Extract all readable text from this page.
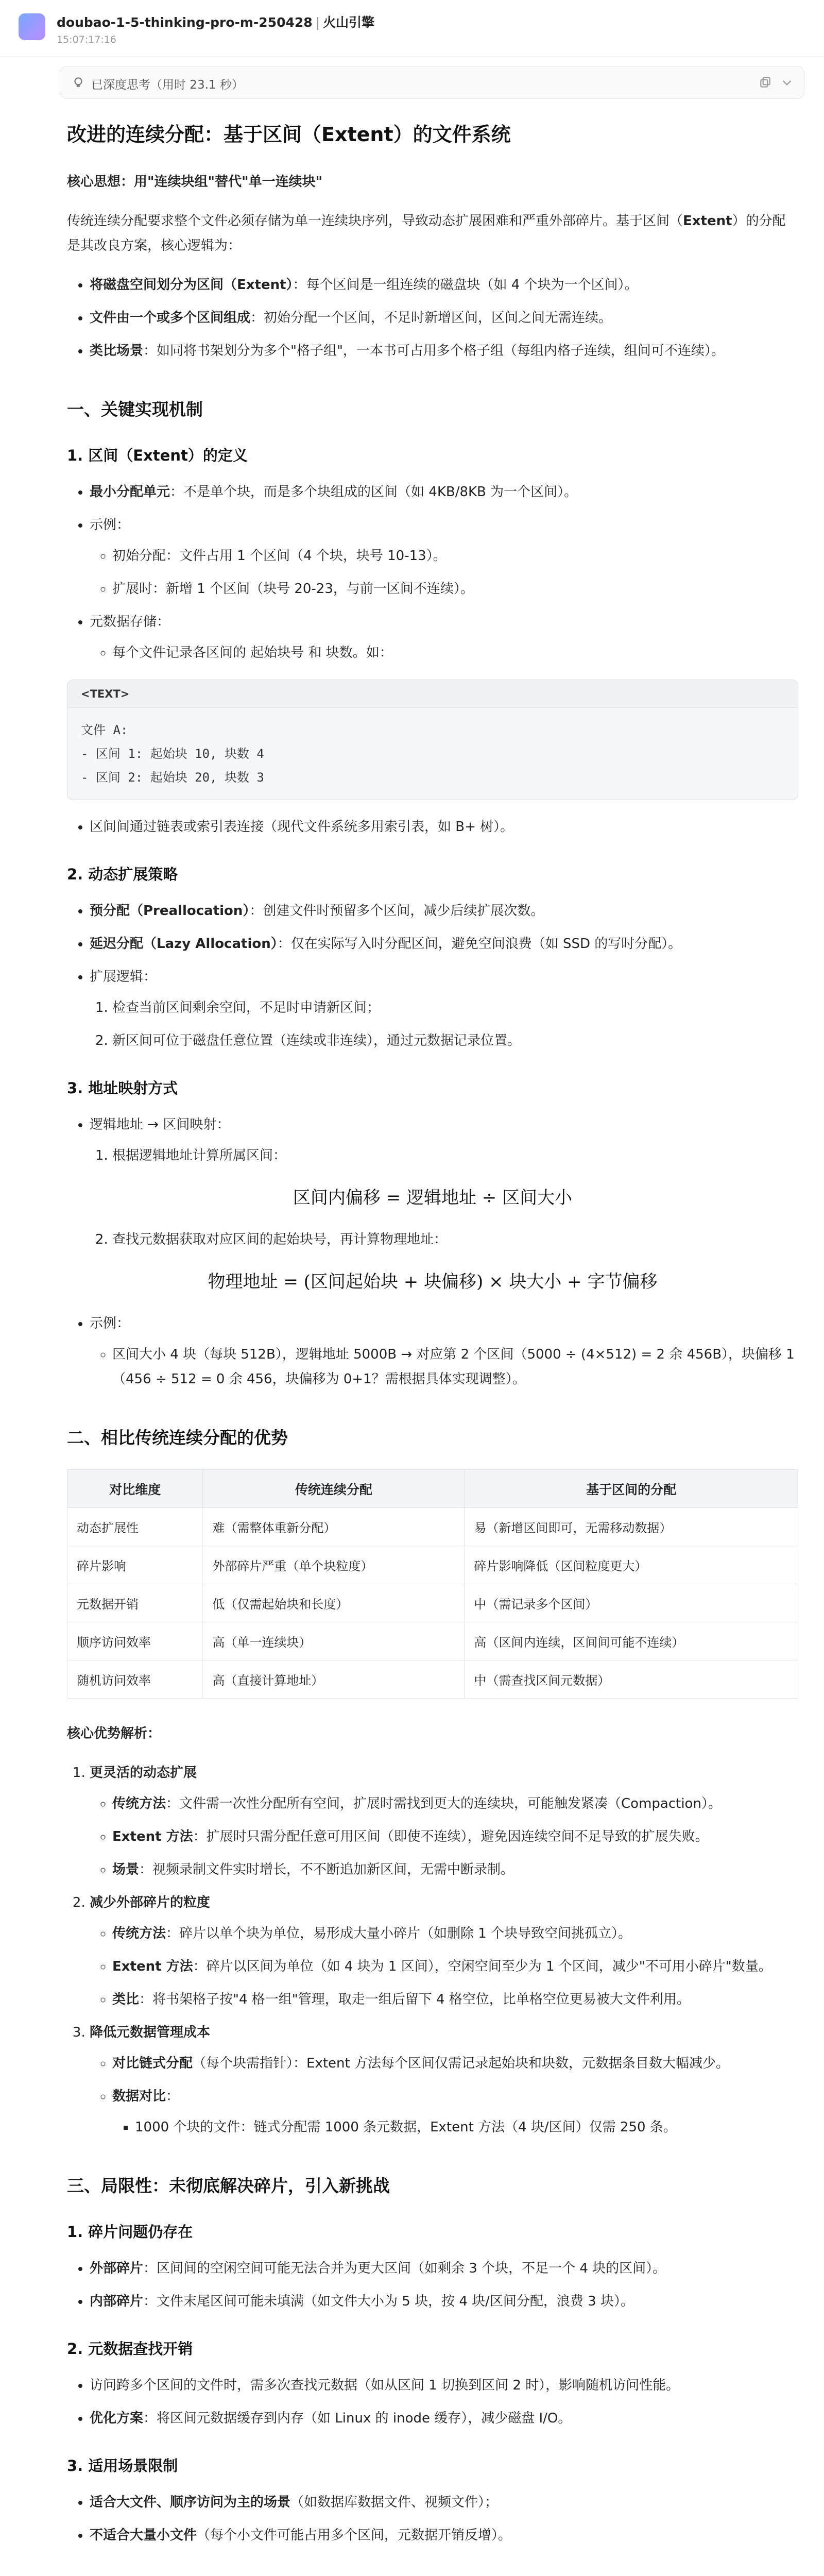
doubao-1-5-thinking-pro-m-250428 | 火山引擎
15:07:17:16
已深度思考（用时 23.1 秒）
改进的连续分配：基于区间（Extent）的文件系统

核心思想：用"连续块组"替代"单一连续块"

传统连续分配要求整个文件必须存储为单一连续块序列，导致动态扩展困难和严重外部碎片。基于区间（Extent）的分配是其改良方案，核心逻辑为：

• 将磁盘空间划分为区间（Extent）：每个区间是一组连续的磁盘块（如 4 个块为一个区间）。
• 文件由一个或多个区间组成：初始分配一个区间，不足时新增区间，区间之间无需连续。
• 类比场景：如同将书架划分为多个"格子组"，一本书可占用多个格子组（每组内格子连续，组间可不连续）。
一、关键实现机制
1. 区间（Extent）的定义
• 最小分配单元：不是单个块，而是多个块组成的区间（如 4KB/8KB 为一个区间）。
• 示例：
◦ 初始分配：文件占用 1 个区间（4 个块，块号 10-13）。
◦ 扩展时：新增 1 个区间（块号 20-23，与前一区间不连续）。
• 元数据存储：
◦ 每个文件记录各区间的 起始块号 和 块数。如：
<TEXT>
文件 A:
- 区间 1: 起始块 10, 块数 4
- 区间 2: 起始块 20, 块数 3
• 区间间通过链表或索引表连接（现代文件系统多用索引表，如 B+ 树）。
2. 动态扩展策略
• 预分配（Preallocation）：创建文件时预留多个区间，减少后续扩展次数。
• 延迟分配（Lazy Allocation）：仅在实际写入时分配区间，避免空间浪费（如 SSD 的写时分配）。
• 扩展逻辑：
1. 检查当前区间剩余空间，不足时申请新区间；
2. 新区间可位于磁盘任意位置（连续或非连续），通过元数据记录位置。
3. 地址映射方式
• 逻辑地址 → 区间映射：
1. 根据逻辑地址计算所属区间：
区间内偏移 = 逻辑地址 ÷ 区间大小
2. 查找元数据获取对应区间的起始块号，再计算物理地址：
物理地址 = (区间起始块 + 块偏移) × 块大小 + 字节偏移
• 示例：
◦ 区间大小 4 块（每块 512B），逻辑地址 5000B → 对应第 2 个区间（5000 ÷ (4×512) = 2 余 456B），块偏移 1（456 ÷ 512 = 0 余 456，块偏移为 0+1？需根据具体实现调整）。
二、相比传统连续分配的优势
对比维度	传统连续分配	基于区间的分配
动态扩展性	难（需整体重新分配）	易（新增区间即可，无需移动数据）
碎片影响	外部碎片严重（单个块粒度）	碎片影响降低（区间粒度更大）
元数据开销	低（仅需起始块和长度）	中（需记录多个区间）
顺序访问效率	高（单一连续块）	高（区间内连续，区间间可能不连续）
随机访问效率	高（直接计算地址）	中（需查找区间元数据）

核心优势解析：

1. 更灵活的动态扩展
◦ 传统方法：文件需一次性分配所有空间，扩展时需找到更大的连续块，可能触发紧凑（Compaction）。
◦ Extent 方法：扩展时只需分配任意可用区间（即使不连续），避免因连续空间不足导致的扩展失败。
◦ 场景：视频录制文件实时增长，不不断追加新区间，无需中断录制。
2. 减少外部碎片的粒度
◦ 传统方法：碎片以单个块为单位，易形成大量小碎片（如删除 1 个块导致空间挑孤立）。
◦ Extent 方法：碎片以区间为单位（如 4 块为 1 区间），空闲空间至少为 1 个区间，减少"不可用小碎片"数量。
◦ 类比：将书架格子按"4 格一组"管理，取走一组后留下 4 格空位，比单格空位更易被大文件利用。
3. 降低元数据管理成本
◦ 对比链式分配（每个块需指针）：Extent 方法每个区间仅需记录起始块和块数，元数据条目数大幅减少。
◦ 数据对比：
▪ 1000 个块的文件：链式分配需 1000 条元数据，Extent 方法（4 块/区间）仅需 250 条。
三、局限性：未彻底解决碎片，引入新挑战
1. 碎片问题仍存在
• 外部碎片：区间间的空闲空间可能无法合并为更大区间（如剩余 3 个块，不足一个 4 块的区间）。
• 内部碎片：文件末尾区间可能未填满（如文件大小为 5 块，按 4 块/区间分配，浪费 3 块）。
2. 元数据查找开销
• 访问跨多个区间的文件时，需多次查找元数据（如从区间 1 切换到区间 2 时），影响随机访问性能。
• 优化方案：将区间元数据缓存到内存（如 Linux 的 inode 缓存），减少磁盘 I/O。
3. 适用场景限制
• 适合大文件、顺序访问为主的场景（如数据库数据文件、视频文件）；
• 不适合大量小文件（每个小文件可能占用多个区间，元数据开销反增）。
